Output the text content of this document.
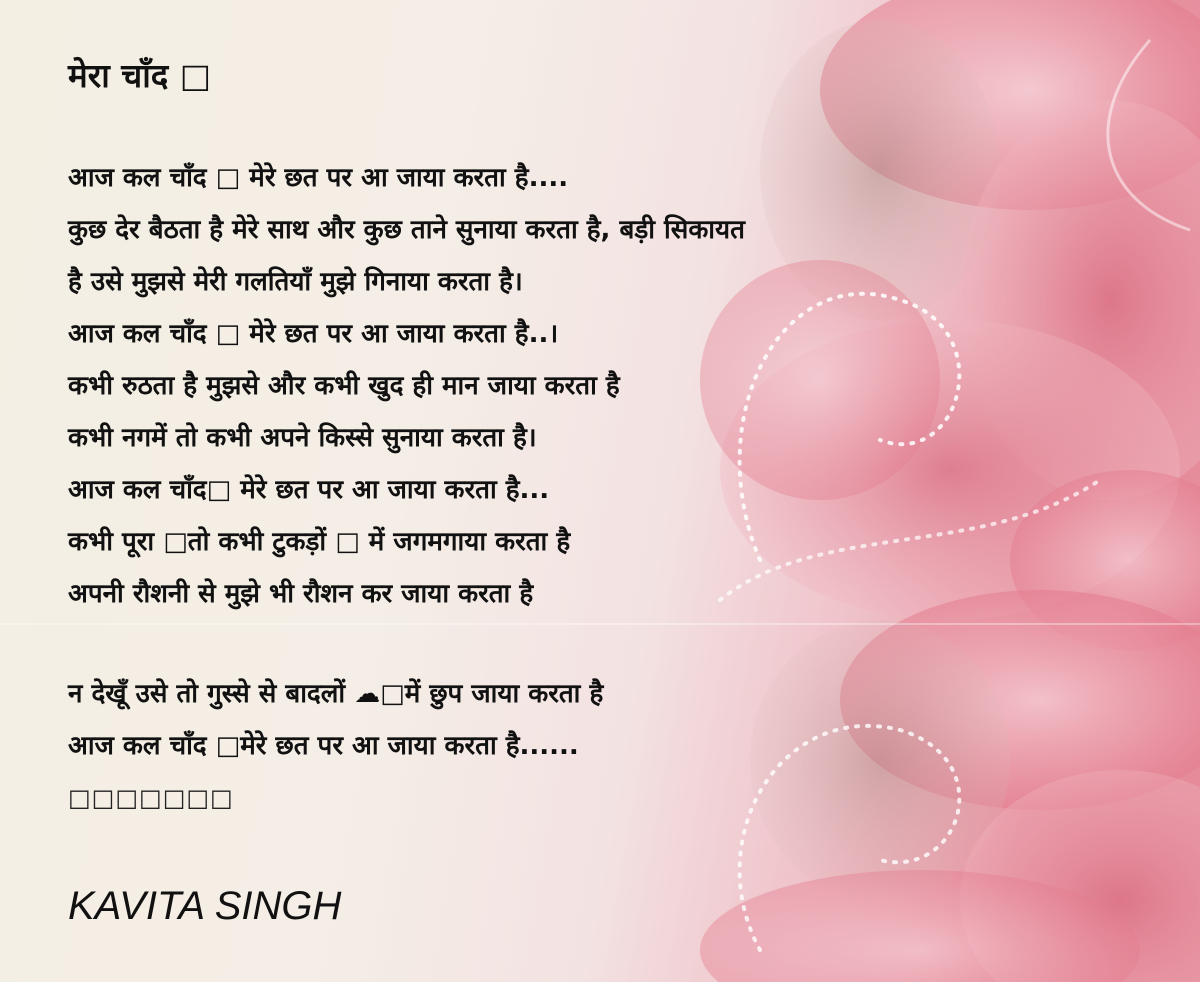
मेरा चाँद □
आज कल चाँद □ मेरे छत पर आ जाया करता है....
कुछ देर बैठता है मेरे साथ और कुछ ताने सुनाया करता है, बड़ी सिकायत
है उसे मुझसे मेरी गलतियाँ मुझे गिनाया करता है।
आज कल चाँद □ मेरे छत पर आ जाया करता है..।
कभी रुठता है मुझसे और कभी खुद ही मान जाया करता है
कभी नगमें तो कभी अपने किस्से सुनाया करता है।
आज कल चाँद□ मेरे छत पर आ जाया करता है...
कभी पूरा □तो कभी टुकड़ों □ में जगमगाया करता है
अपनी रौशनी से मुझे भी रौशन कर जाया करता है
न देखूँ उसे तो गुस्से से बादलों ☁□में छुप जाया करता है
आज कल चाँद □मेरे छत पर आ जाया करता है......
□□□□□□□
KAVITA SINGH
